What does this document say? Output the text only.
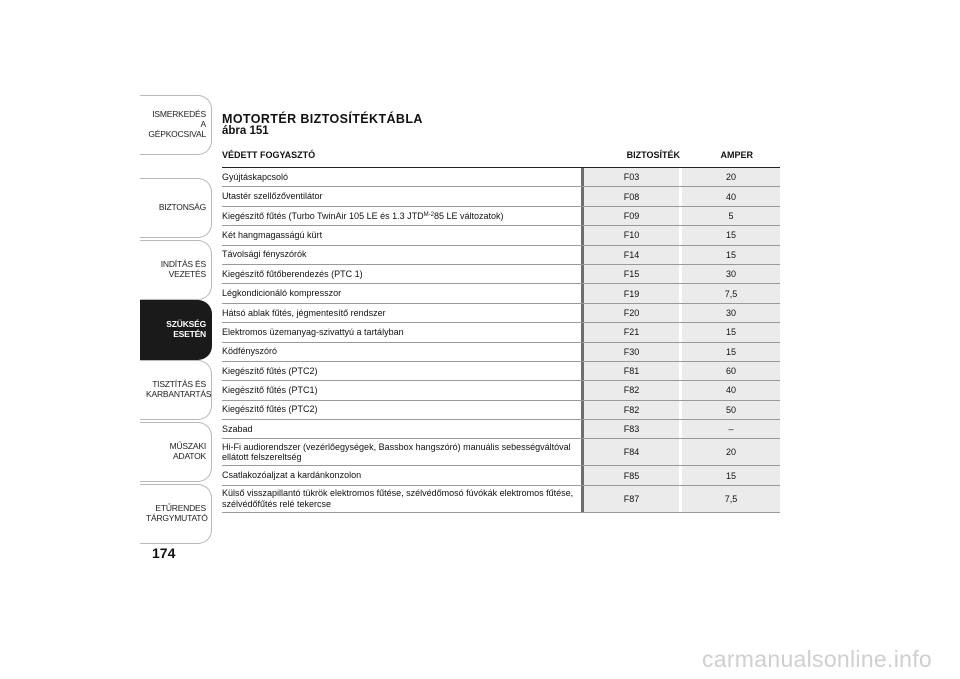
ISMERKEDÉS A
GÉPKOCSIVAL
BIZTONSÁG
INDÍTÁS ÉS VEZETÉS
SZÜKSÉG ESETÉN
TISZTÍTÁS ÉS
KARBANTARTÁS
MŰSZAKI ADATOK
ETŰRENDES
TÁRGYMUTATÓ
174
MOTORTÉR BIZTOSÍTÉKTÁBLA
ábra 151
VÉDETT FOGYASZTÓ	BIZTOSÍTÉK	AMPER
Gyújtáskapcsoló	F03	20
Utastér szellőzőventilátor	F08	40
Kiegészítő fűtés (Turbo TwinAir 105 LE és 1.3 JTD M-2 85 LE változatok)	F09	5
Két hangmagasságú kürt	F10	15
Távolsági fényszórók	F14	15
Kiegészítő fűtőberendezés (PTC 1)	F15	30
Légkondicionáló kompresszor	F19	7,5
Hátsó ablak fűtés, jégmentesítő rendszer	F20	30
Elektromos üzemanyag-szivattyú a tartályban	F21	15
Ködfényszóró	F30	15
Kiegészítő fűtés (PTC2)	F81	60
Kiegészítő fűtés (PTC1)	F82	40
Kiegészítő fűtés (PTC2)	F82	50
Szabad	F83	–
Hi-Fi audiorendszer (vezérlőegységek, Bassbox hangszóró) manuális sebességváltóval ellátott felszereltség	F84	20
Csatlakozóaljzat a kardánkonzolon	F85	15
Külső visszapillantó tükrök elektromos fűtése, szélvédőmosó fúvókák elektromos fűtése, szélvédőfűtés relé tekercse	F87	7,5
carmanualsonline.info
